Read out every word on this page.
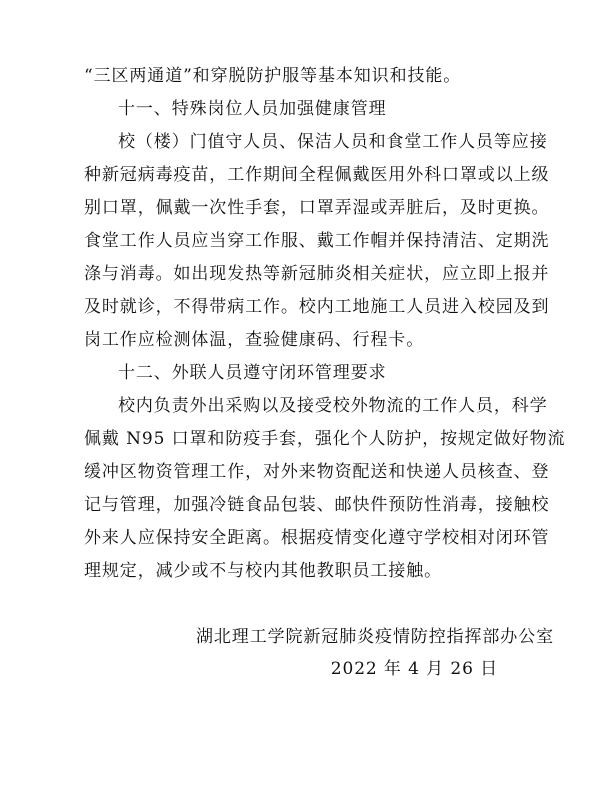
“三区两通道”和穿脱防护服等基本知识和技能。
十一、特殊岗位人员加强健康管理
校（楼）门值守人员、保洁人员和食堂工作人员等应接
种新冠病毒疫苗，工作期间全程佩戴医用外科口罩或以上级
别口罩，佩戴一次性手套，口罩弄湿或弄脏后，及时更换。
食堂工作人员应当穿工作服、戴工作帽并保持清洁、定期洗
涤与消毒。如出现发热等新冠肺炎相关症状，应立即上报并
及时就诊，不得带病工作。校内工地施工人员进入校园及到
岗工作应检测体温，查验健康码、行程卡。
十二、外联人员遵守闭环管理要求
校内负责外出采购以及接受校外物流的工作人员，科学
佩戴 N95 口罩和防疫手套，强化个人防护，按规定做好物流
缓冲区物资管理工作，对外来物资配送和快递人员核查、登
记与管理，加强冷链食品包装、邮快件预防性消毒，接触校
外来人应保持安全距离。根据疫情变化遵守学校相对闭环管
理规定，减少或不与校内其他教职员工接触。
湖北理工学院新冠肺炎疫情防控指挥部办公室
2022 年 4 月 26 日
